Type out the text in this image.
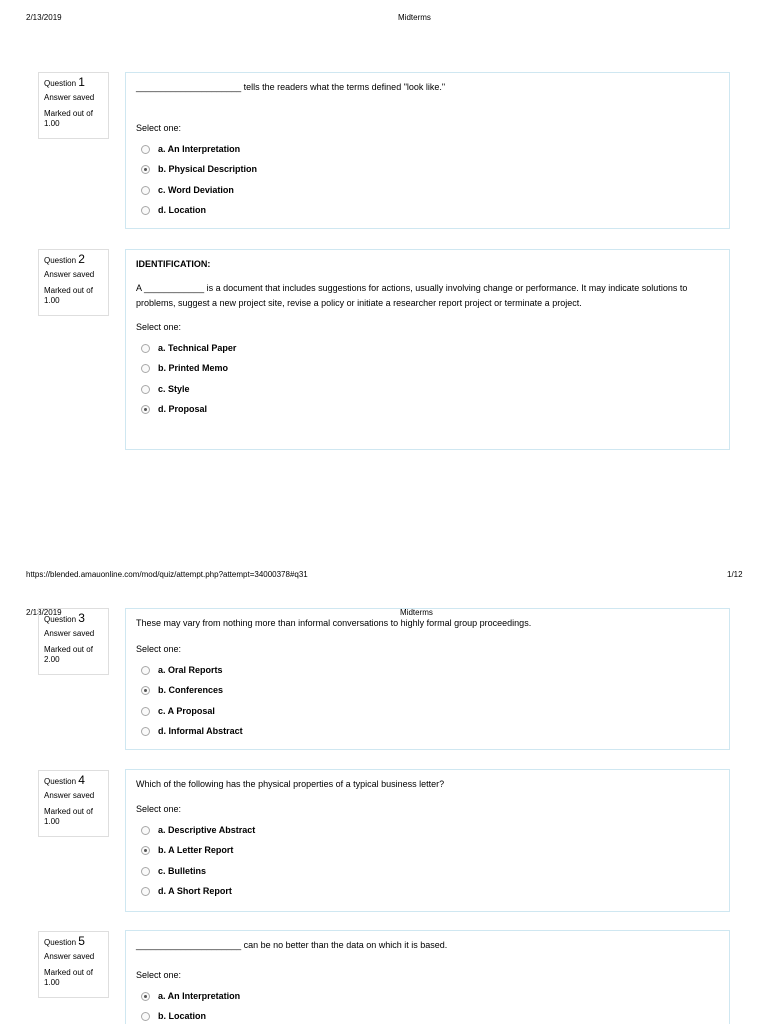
2/13/2019	Midterms
Question 1
Answer saved
Marked out of 1.00

_____________________ tells the readers what the terms defined "look like."

Select one:
a. An Interpretation
b. Physical Description
c. Word Deviation
d. Location
Question 2
Answer saved
Marked out of 1.00

IDENTIFICATION:

A ____________ is a document that includes suggestions for actions, usually involving change or performance. It may indicate solutions to problems, suggest a new project site, revise a policy or initiate a researcher report project or terminate a project.

Select one:
a. Technical Paper
b. Printed Memo
c. Style
d. Proposal
https://blended.amauonline.com/mod/quiz/attempt.php?attempt=34000378#q31	1/12
2/13/2019	Midterms
Question 3
Answer saved
Marked out of 2.00

These may vary from nothing more than informal conversations to highly formal group proceedings.

Select one:
a. Oral Reports
b. Conferences
c. A Proposal
d. Informal Abstract
Question 4
Answer saved
Marked out of 1.00

Which of the following has the physical properties of a typical business letter?

Select one:
a. Descriptive Abstract
b. A Letter Report
c. Bulletins
d. A Short Report
Question 5
Answer saved
Marked out of 1.00

_____________________ can be no better than the data on which it is based.

Select one:
a. An Interpretation
b. Location
